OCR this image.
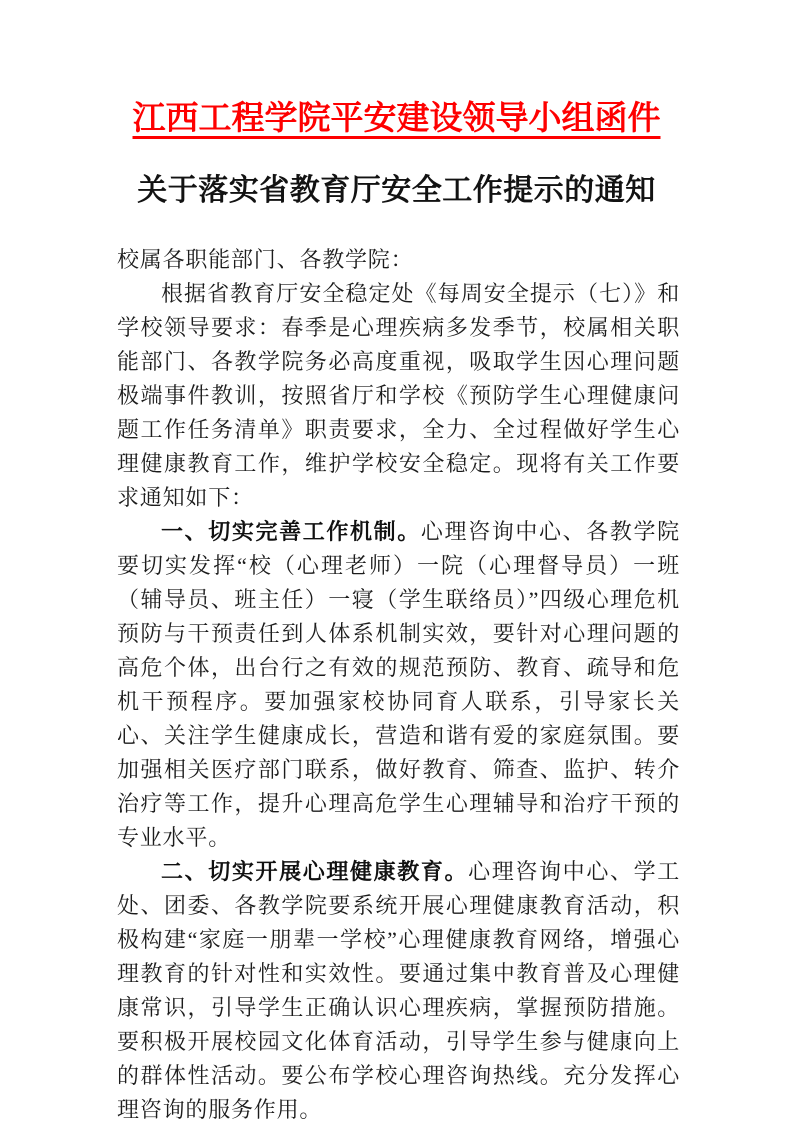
江西工程学院平安建设领导小组函件
关于落实省教育厅安全工作提示的通知

校属各职能部门、各教学院：

根据省教育厅安全稳定处《每周安全提示（七）》和学校领导要求：春季是心理疾病多发季节，校属相关职能部门、各教学院务必高度重视，吸取学生因心理问题极端事件教训，按照省厅和学校《预防学生心理健康问题工作任务清单》职责要求，全力、全过程做好学生心理健康教育工作，维护学校安全稳定。现将有关工作要求通知如下：

一、切实完善工作机制。心理咨询中心、各教学院要切实发挥“校（心理老师）一院（心理督导员）一班（辅导员、班主任）一寝（学生联络员）”四级心理危机预防与干预责任到人体系机制实效，要针对心理问题的高危个体，出台行之有效的规范预防、教育、疏导和危机干预程序。要加强家校协同育人联系，引导家长关心、关注学生健康成长，营造和谐有爱的家庭氛围。要加强相关医疗部门联系，做好教育、筛查、监护、转介治疗等工作，提升心理高危学生心理辅导和治疗干预的专业水平。

二、切实开展心理健康教育。心理咨询中心、学工处、团委、各教学院要系统开展心理健康教育活动，积极构建“家庭一朋辈一学校”心理健康教育网络，增强心理教育的针对性和实效性。要通过集中教育普及心理健康常识，引导学生正确认识心理疾病，掌握预防措施。要积极开展校园文化体育活动，引导学生参与健康向上的群体性活动。要公布学校心理咨询热线。充分发挥心理咨询的服务作用。
